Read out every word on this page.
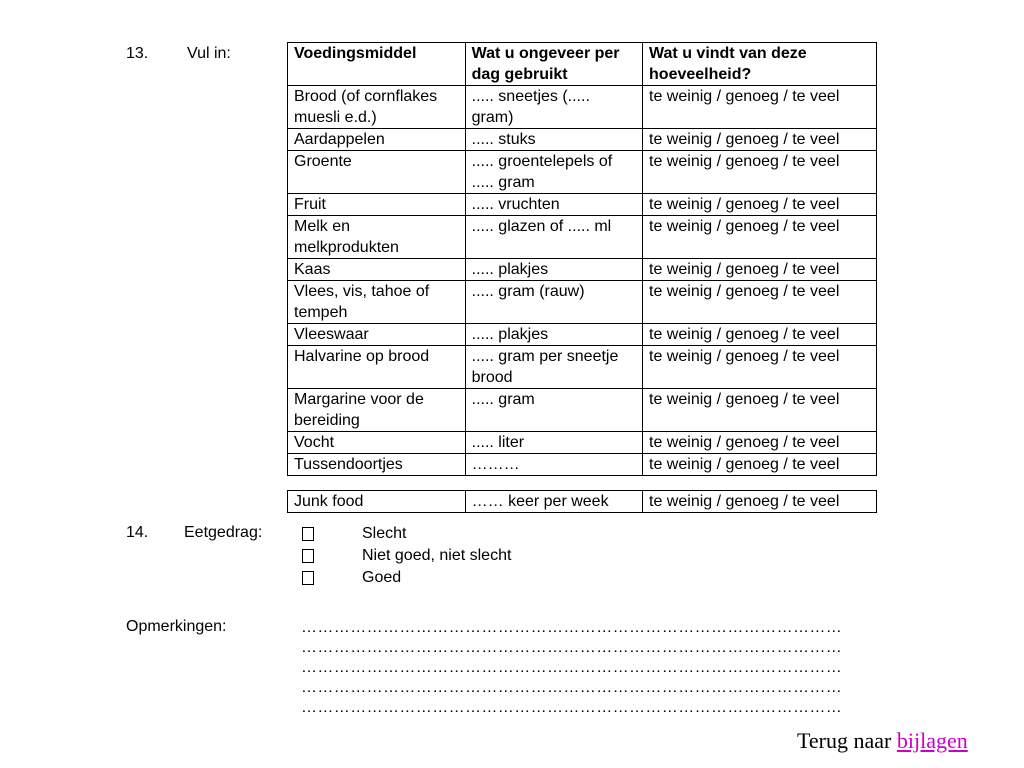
13. Vul in:	Voedingsmiddel	Wat u ongeveer per dag gebruikt	Wat u vindt van deze hoeveelheid?
Brood (of cornflakes muesli e.d.)	..... sneetjes (..... gram)	te weinig / genoeg / te veel
Aardappelen	..... stuks	te weinig / genoeg / te veel
Groente	..... groentelepels of ..... gram	te weinig / genoeg / te veel
Fruit	..... vruchten	te weinig / genoeg / te veel
Melk en melkprodukten	..... glazen of ..... ml	te weinig / genoeg / te veel
Kaas	..... plakjes	te weinig / genoeg / te veel
Vlees, vis, tahoe of tempeh	..... gram (rauw)	te weinig / genoeg / te veel
Vleeswaar	..... plakjes	te weinig / genoeg / te veel
Halvarine op brood	..... gram per sneetje brood	te weinig / genoeg / te veel
Margarine voor de bereiding	..... gram	te weinig / genoeg / te veel
Vocht	..... liter	te weinig / genoeg / te veel
Tussendoortjes	………	te weinig / genoeg / te veel

Junk food	…… keer per week	te weinig / genoeg / te veel
14. Eetgedrag:	Slecht
Niet goed, niet slecht
Goed
Opmerkingen:	………………………………………………………………………………………
………………………………………………………………………………………
………………………………………………………………………………………
………………………………………………………………………………………
………………………………………………………………………………………
Terug naar bijlagen
